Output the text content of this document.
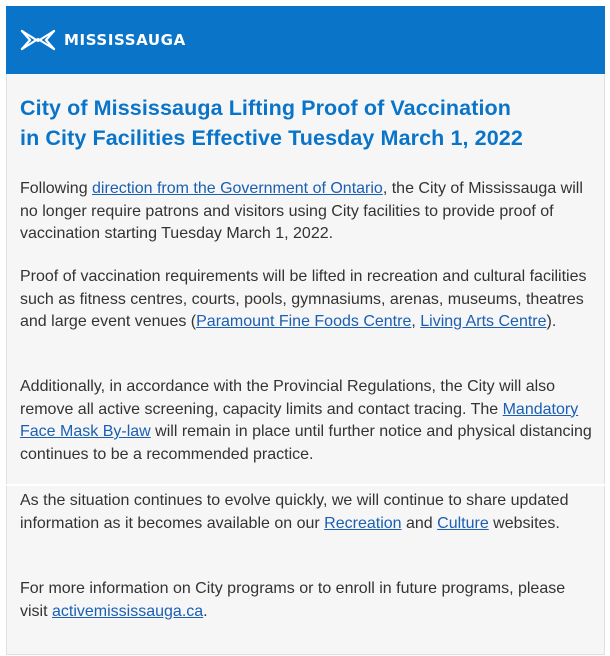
MISSISSAUGA
City of Mississauga Lifting Proof of Vaccination
in City Facilities Effective Tuesday March 1, 2022

Following direction from the Government of Ontario, the City of Mississauga will no longer require patrons and visitors using City facilities to provide proof of vaccination starting Tuesday March 1, 2022.

Proof of vaccination requirements will be lifted in recreation and cultural facilities such as fitness centres, courts, pools, gymnasiums, arenas, museums, theatres and large event venues (Paramount Fine Foods Centre, Living Arts Centre).

Additionally, in accordance with the Provincial Regulations, the City will also remove all active screening, capacity limits and contact tracing. The Mandatory Face Mask By-law will remain in place until further notice and physical distancing continues to be a recommended practice.

As the situation continues to evolve quickly, we will continue to share updated information as it becomes available on our Recreation and Culture websites.

For more information on City programs or to enroll in future programs, please visit activemississauga.ca.
